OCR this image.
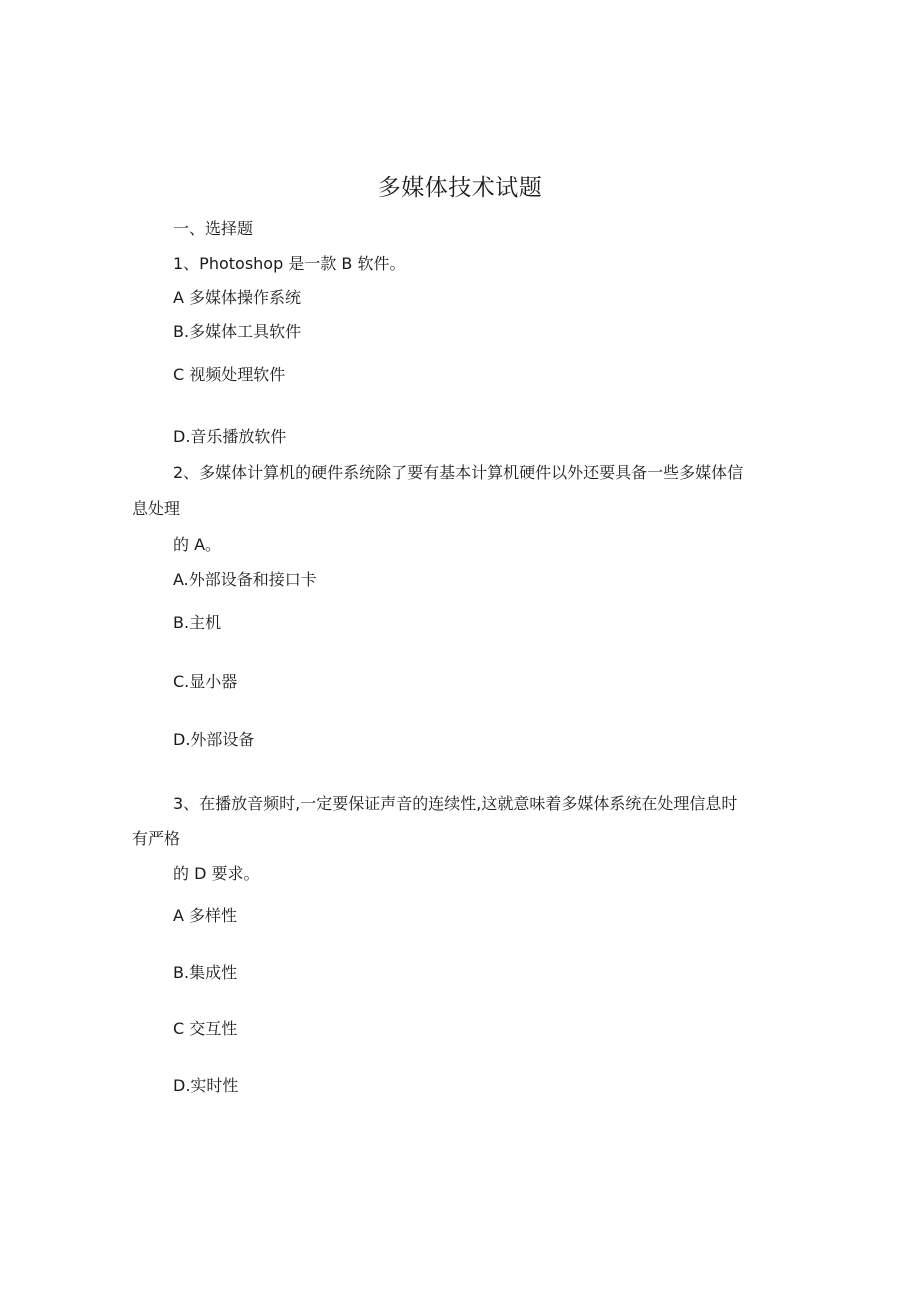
多媒体技术试题
一、选择题
1、Photoshop 是一款 B 软件。
A 多媒体操作系统
B.多媒体工具软件
C 视频处理软件
D.音乐播放软件
2、多媒体计算机的硬件系统除了要有基本计算机硬件以外还要具备一些多媒体信
息处理
的 A。
A.外部设备和接口卡
B.主机
C.显小器
D.外部设备
3、在播放音频时,一定要保证声音的连续性,这就意味着多媒体系统在处理信息时
有严格
的 D 要求。
A 多样性
B.集成性
C 交互性
D.实时性
